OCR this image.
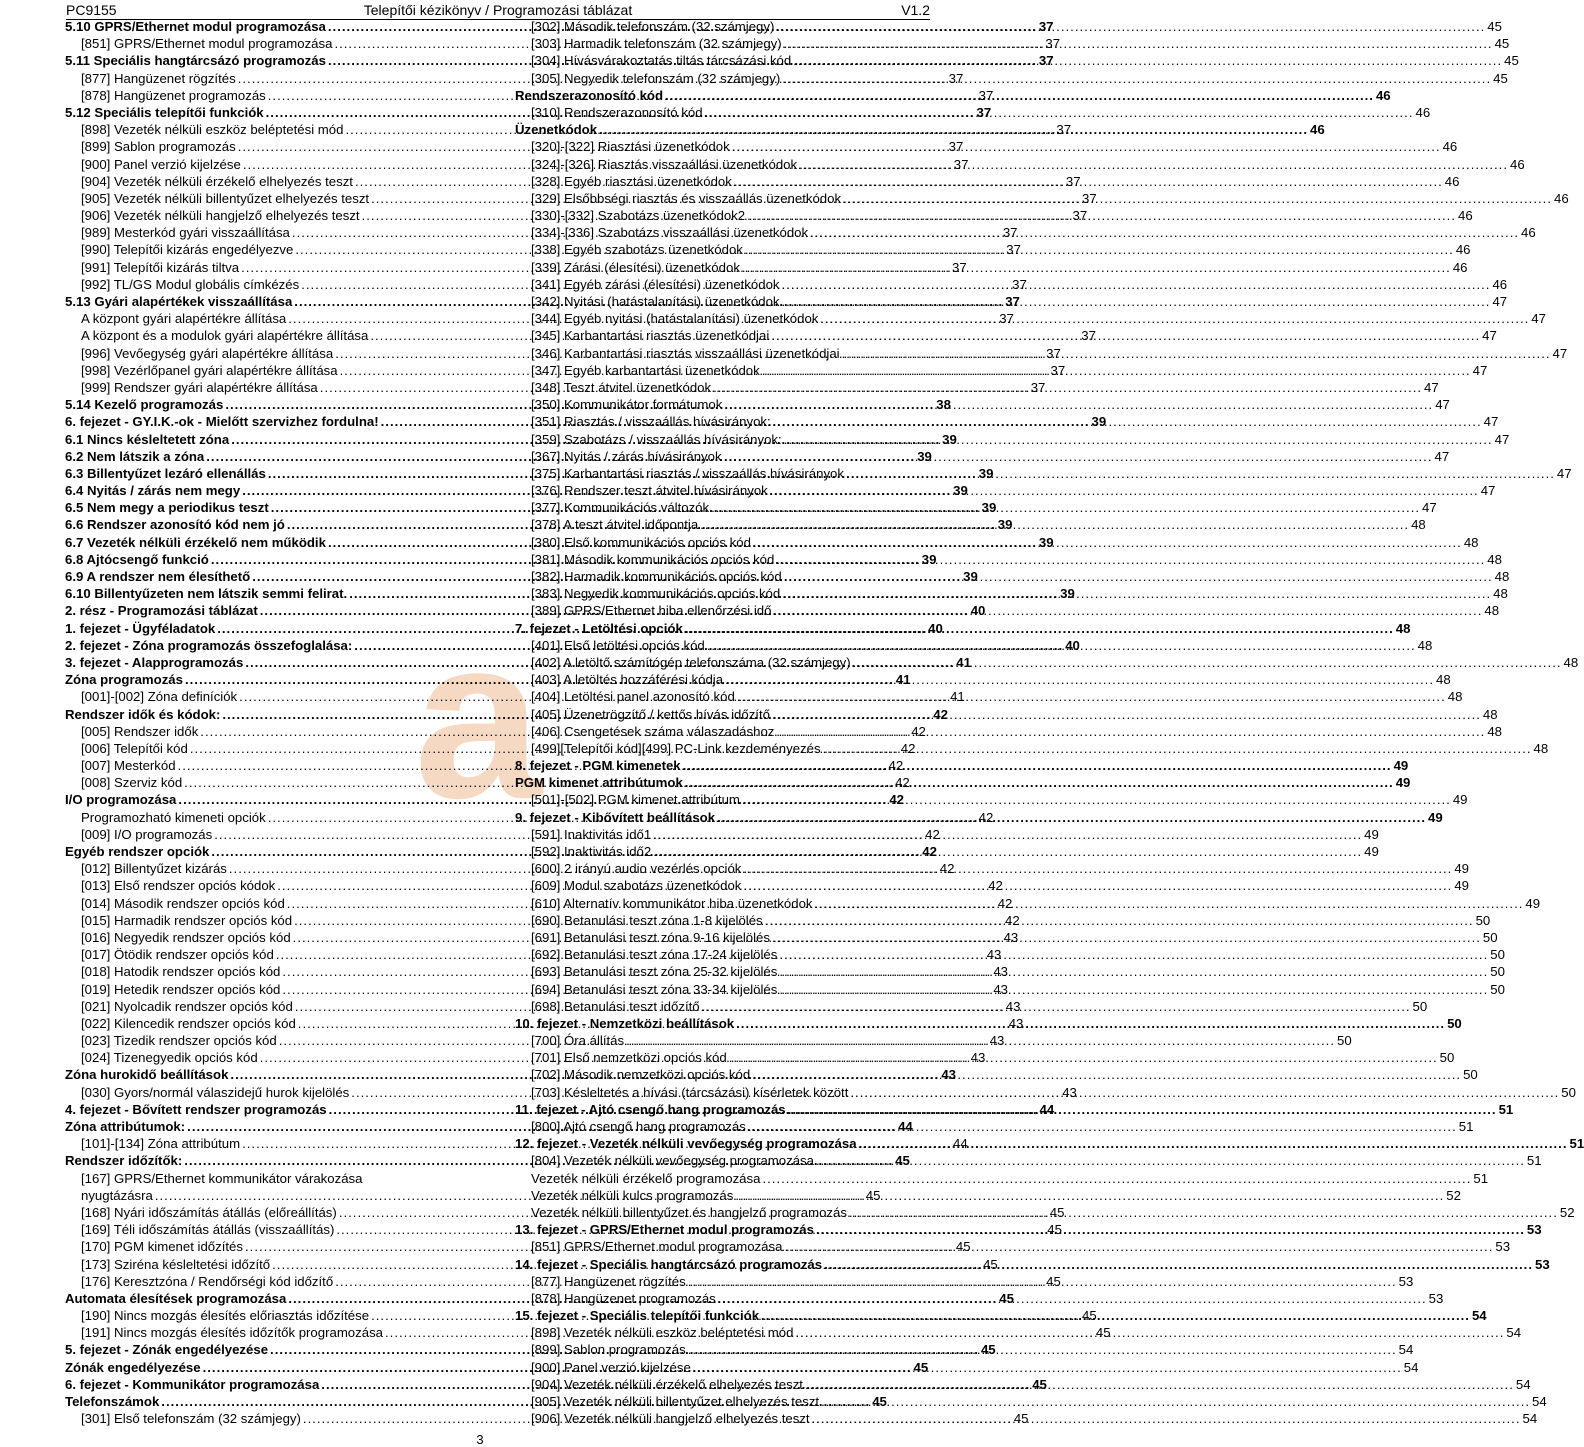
a
PC9155	Telepítői kézikönyv / Programozási táblázat	V1.2
5.10 GPRS/Ethernet modul programozása .....	37
[851] GPRS/Ethernet modul programozása .....	37
5.11 Speciális hangtárcsázó programozás .....	37
[877] Hangüzenet rögzítés .....	37
[878] Hangüzenet programozás .....	37
5.12 Speciális telepítői funkciók .....	37
[898] Vezeték nélküli eszköz beléptetési mód .....	37
[899] Sablon programozás .....	37
[900] Panel verzió kijelzése .....	37
[904] Vezeték nélküli érzékelő elhelyezés teszt .....	37
[905] Vezeték nélküli billentyűzet elhelyezés teszt .....	37
[906] Vezeték nélküli hangjelző elhelyezés teszt .....	37
[989] Mesterkód gyári visszaállítása .....	37
[990] Telepítői kizárás engedélyezve .....	37
[991] Telepítői kizárás tiltva .....	37
[992] TL/GS Modul globális címkézés .....	37
5.13 Gyári alapértékek visszaállítása .....	37
A központ gyári alapértékre állítása .....	37
A központ és a modulok gyári alapértékre állítása .....	37
[996] Vevőegység gyári alapértékre állítása .....	37
[998] Vezérlőpanel gyári alapértékre állítása .....	37
[999] Rendszer gyári alapértékre állítása .....	37
5.14 Kezelő programozás .....	38
6. fejezet - GY.I.K.-ok - Mielőtt szervizhez fordulna! .....	39
6.1 Nincs késleltetett zóna .....	39
6.2 Nem látszik a zóna .....	39
6.3 Billentyűzet lezáró ellenállás .....	39
6.4 Nyitás / zárás nem megy .....	39
6.5 Nem megy a periodikus teszt .....	39
6.6 Rendszer azonosító kód nem jó .....	39
6.7 Vezeték nélküli érzékelő nem működik .....	39
6.8 Ajtócsengő funkció .....	39
6.9 A rendszer nem élesíthető .....	39
6.10 Billentyűzeten nem látszik semmi felirat. .....	39
2. rész - Programozási táblázat .....	40
1. fejezet - Ügyféladatok .....	40
2. fejezet - Zóna programozás összefoglalása: .....	40
3. fejezet - Alapprogramozás .....	41
Zóna programozás .....	41
[001]-[002] Zóna definíciók .....	41
Rendszer idők és kódok: .....	42
[005] Rendszer idők .....	42
[006] Telepítői kód .....	42
[007] Mesterkód .....	42
[008] Szerviz kód .....	42
I/O programozása .....	42
Programozható kimeneti opciók .....	42
[009] I/O programozás .....	42
Egyéb rendszer opciók .....	42
[012] Billentyűzet kizárás .....	42
[013] Első rendszer opciós kódok .....	42
[014] Második rendszer opciós kód .....	42
[015] Harmadik rendszer opciós kód .....	42
[016] Negyedik rendszer opciós kód .....	43
[017] Ötödik rendszer opciós kód .....	43
[018] Hatodik rendszer opciós kód .....	43
[019] Hetedik rendszer opciós kód .....	43
[021] Nyolcadik rendszer opciós kód .....	43
[022] Kilencedik rendszer opciós kód .....	43
[023] Tizedik rendszer opciós kód .....	43
[024] Tizenegyedik opciós kód .....	43
Zóna hurokidő beállítások .....	43
[030] Gyors/normál válaszidejű hurok kijelölés .....	43
4. fejezet - Bővített rendszer programozás .....	44
Zóna attribútumok: .....	44
[101]-[134] Zóna attribútum .....	44
Rendszer időzítők: .....	45
[167] GPRS/Ethernet kommunikátor várakozása
nyugtázásra .....	45
[168] Nyári időszámítás átállás (előreállítás) .....	45
[169] Téli időszámítás átállás (visszaállítás) .....	45
[170] PGM kimenet időzítés .....	45
[173] Sziréna késleltetési időzítő .....	45
[176] Keresztzóna / Rendőrségi kód időzítő .....	45
Automata élesítések programozása .....	45
[190] Nincs mozgás élesítés előriasztás időzítése .....	45
[191] Nincs mozgás élesítés időzítők programozása .....	45
5. fejezet - Zónák engedélyezése .....	45
Zónák engedélyezése .....	45
6. fejezet - Kommunikátor programozása .....	45
Telefonszámok .....	45
[301] Első telefonszám (32 számjegy) .....	45
[302] Második telefonszám (32 számjegy) .....	45
[303] Harmadik telefonszám (32 számjegy) .....	45
[304] Hívásvárakoztatás tiltás tárcsázási kód .....	45
[305] Negyedik telefonszám (32 számjegy) .....	45
Rendszerazonosító kód .....	46
[310] Rendszerazonosító kód .....	46
Üzenetkódok .....	46
[320]-[322] Riasztási üzenetkódok .....	46
[324]-[326] Riasztás visszaállási üzenetkódok .....	46
[328] Egyéb riasztási üzenetkódok .....	46
[329] Elsőbbségi riasztás és visszaállás üzenetkódok .....	46
[330]-[332] Szabotázs üzenetkódok2 .....	46
[334]-[336] Szabotázs visszaállási üzenetkódok .....	46
[338] Egyéb szabotázs üzenetkódok .....	46
[339] Zárási (élesítési) üzenetkódok .....	46
[341] Egyéb zárási (élesítési) üzenetkódok .....	46
[342] Nyitási (hatástalanítási) üzenetkódok .....	47
[344] Egyéb nyitási (hatástalanítási) üzenetkódok .....	47
[345] Karbantartási riasztás üzenetkódjai .....	47
[346] Karbantartási riasztás visszaállási üzenetkódjai .....	47
[347] Egyéb karbantartási üzenetkódok .....	47
[348] Teszt átvitel üzenetkódok .....	47
[350] Kommunikátor formátumok .....	47
[351] Riasztás / visszaállás hívásirányok: .....	47
[359] Szabotázs / visszaállás hívásirányok: .....	47
[367] Nyitás / zárás hívásirányok .....	47
[375] Karbantartási riasztás / visszaállás hívásirányok .....	47
[376] Rendszer teszt átvitel hívásirányok .....	47
[377] Kommunikációs változók .....	47
[378] A teszt átvitel időpontja .....	48
[380] Első kommunikációs opciós kód .....	48
[381] Második kommunikációs opciós kód .....	48
[382] Harmadik kommunikációs opciós kód .....	48
[383] Negyedik kommunikációs opciós kód .....	48
[389] GPRS/Ethernet hiba ellenőrzési idő .....	48
7. fejezet - Letöltési opciók .....	48
[401] Első letöltési opciós kód .....	48
[402] A letöltő számítógép telefonszáma (32 számjegy) .....	48
[403] A letöltés hozzáférési kódja .....	48
[404] Letöltési panel azonosító kód .....	48
[405] Üzenetrögzítő / kettős hívás időzítő .....	48
[406] Csengetések száma válaszadáshoz .....	48
[499][Telepítői kód][499] PC-Link kezdeményezés .....	48
8. fejezet - PGM kimenetek .....	49
PGM kimenet attribútumok .....	49
[501]-[502] PGM kimenet attribútum .....	49
9. fejezet - Kibővített beállítások .....	49
[591] Inaktivitás idő1 .....	49
[592] Inaktivitás idő2 .....	49
[600] 2 irányú audio vezérlés opciók .....	49
[609] Modul szabotázs üzenetkódok .....	49
[610] Alternatív kommunikátor hiba üzenetkódok .....	49
[690] Betanulási teszt zóna 1-8 kijelölés .....	50
[691] Betanulási teszt zóna 9-16 kijelölés .....	50
[692] Betanulási teszt zóna 17-24 kijelölés .....	50
[693] Betanulási teszt zóna 25-32 kijelölés .....	50
[694] Betanulási teszt zóna 33-34 kijelölés .....	50
[698] Betanulási teszt időzítő .....	50
10. fejezet - Nemzetközi beállítások .....	50
[700] Óra állítás .....	50
[701] Első nemzetközi opciós kód .....	50
[702] Második nemzetközi opciós kód .....	50
[703] Késleltetés a hívási (tárcsázási) kísérletek között .....	50
11. fejezet - Ajtó csengő hang programozás .....	51
[800] Ajtó csengő hang programozás .....	51
12. fejezet - Vezeték nélküli vevőegység programozása .....	51
[804] Vezeték nélküli vevőegység programozása .....	51
Vezeték nélküli érzékelő programozása .....	51
Vezeték nélküli kulcs programozás .....	52
Vezeték nélküli billentyűzet és hangjelző programozás .....	52
13. fejezet - GPRS/Ethernet modul programozás .....	53
[851] GPRS/Ethernet modul programozása .....	53
14. fejezet - Speciális hangtárcsázó programozás .....	53
[877] Hangüzenet rögzítés .....	53
[878] Hangüzenet programozás .....	53
15. fejezet - Speciális telepítői funkciók .....	54
[898] Vezeték nélküli eszköz beléptetési mód .....	54
[899] Sablon programozás .....	54
[900] Panel verzió kijelzése .....	54
[904] Vezeték nélküli érzékelő elhelyezés teszt .....	54
[905] Vezeték nélküli billentyűzet elhelyezés teszt .....	54
[906] Vezeték nélküli hangjelző elhelyezés teszt .....	54
3
